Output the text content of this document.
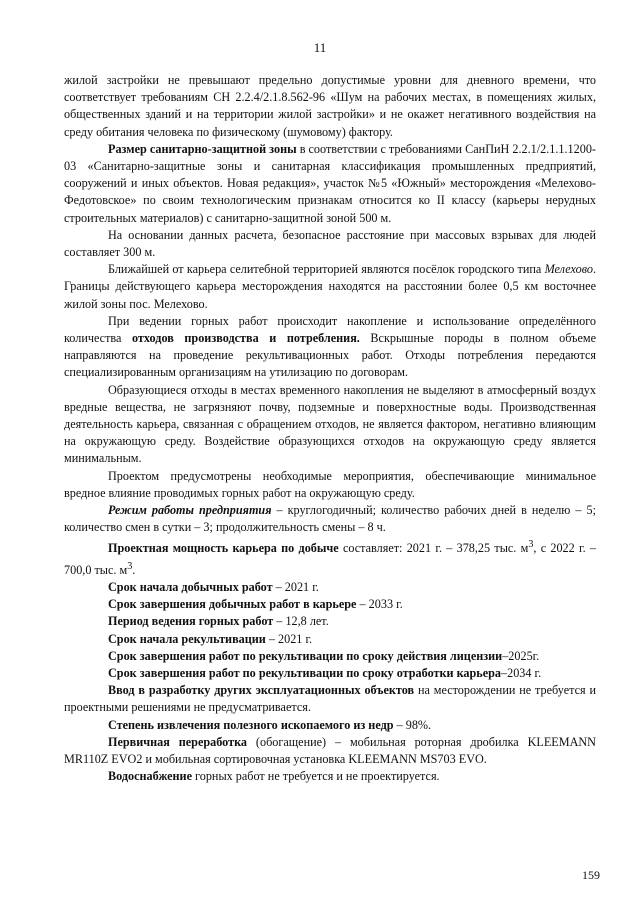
11

жилой застройки не превышают предельно допустимые уровни для дневного времени, что соответствует требованиям СН 2.2.4/2.1.8.562-96 «Шум на рабочих местах, в помещениях жилых, общественных зданий и на территории жилой застройки» и не окажет негативного воздействия на среду обитания человека по физическому (шумовому) фактору.

Размер санитарно-защитной зоны в соответствии с требованиями СанПиН 2.2.1/2.1.1.1200-03 «Санитарно-защитные зоны и санитарная классификация промышленных предприятий, сооружений и иных объектов. Новая редакция», участок №5 «Южный» месторождения «Мелехово-Федотовское» по своим технологическим признакам относится ко II классу (карьеры нерудных строительных материалов) с санитарно-защитной зоной 500 м.

На основании данных расчета, безопасное расстояние при массовых взрывах для людей составляет 300 м.

Ближайшей от карьера селитебной территорией являются посёлок городского типа Мелехово. Границы действующего карьера месторождения находятся на расстоянии более 0,5 км восточнее жилой зоны пос. Мелехово.

При ведении горных работ происходит накопление и использование определённого количества отходов производства и потребления. Вскрышные породы в полном объеме направляются на проведение рекультивационных работ. Отходы потребления передаются специализированным организациям на утилизацию по договорам.

Образующиеся отходы в местах временного накопления не выделяют в атмосферный воздух вредные вещества, не загрязняют почву, подземные и поверхностные воды. Производственная деятельность карьера, связанная с обращением отходов, не является фактором, негативно влияющим на окружающую среду. Воздействие образующихся отходов на окружающую среду является минимальным.

Проектом предусмотрены необходимые мероприятия, обеспечивающие минимальное вредное влияние проводимых горных работ на окружающую среду.

Режим работы предприятия – круглогодичный; количество рабочих дней в неделю – 5; количество смен в сутки – 3; продолжительность смены – 8 ч.

Проектная мощность карьера по добыче составляет: 2021 г. – 378,25 тыс. $м^3$, с 2022 г. – 700,0 тыс. $м^3$.

Срок начала добычных работ – 2021 г.

Срок завершения добычных работ в карьере – 2033 г.

Период ведения горных работ – 12,8 лет.

Срок начала рекультивации – 2021 г.

Срок завершения работ по рекультивации по сроку действия лицензии–2025г.

Срок завершения работ по рекультивации по сроку отработки карьера–2034 г.

Ввод в разработку других эксплуатационных объектов на месторождении не требуется и проектными решениями не предусматривается.

Степень извлечения полезного ископаемого из недр – 98%.

Первичная переработка (обогащение) – мобильная роторная дробилка KLEEMANN MR110Z EVO2 и мобильная сортировочная установка KLEEMANN MS703 EVO.

Водоснабжение горных работ не требуется и не проектируется.

159
